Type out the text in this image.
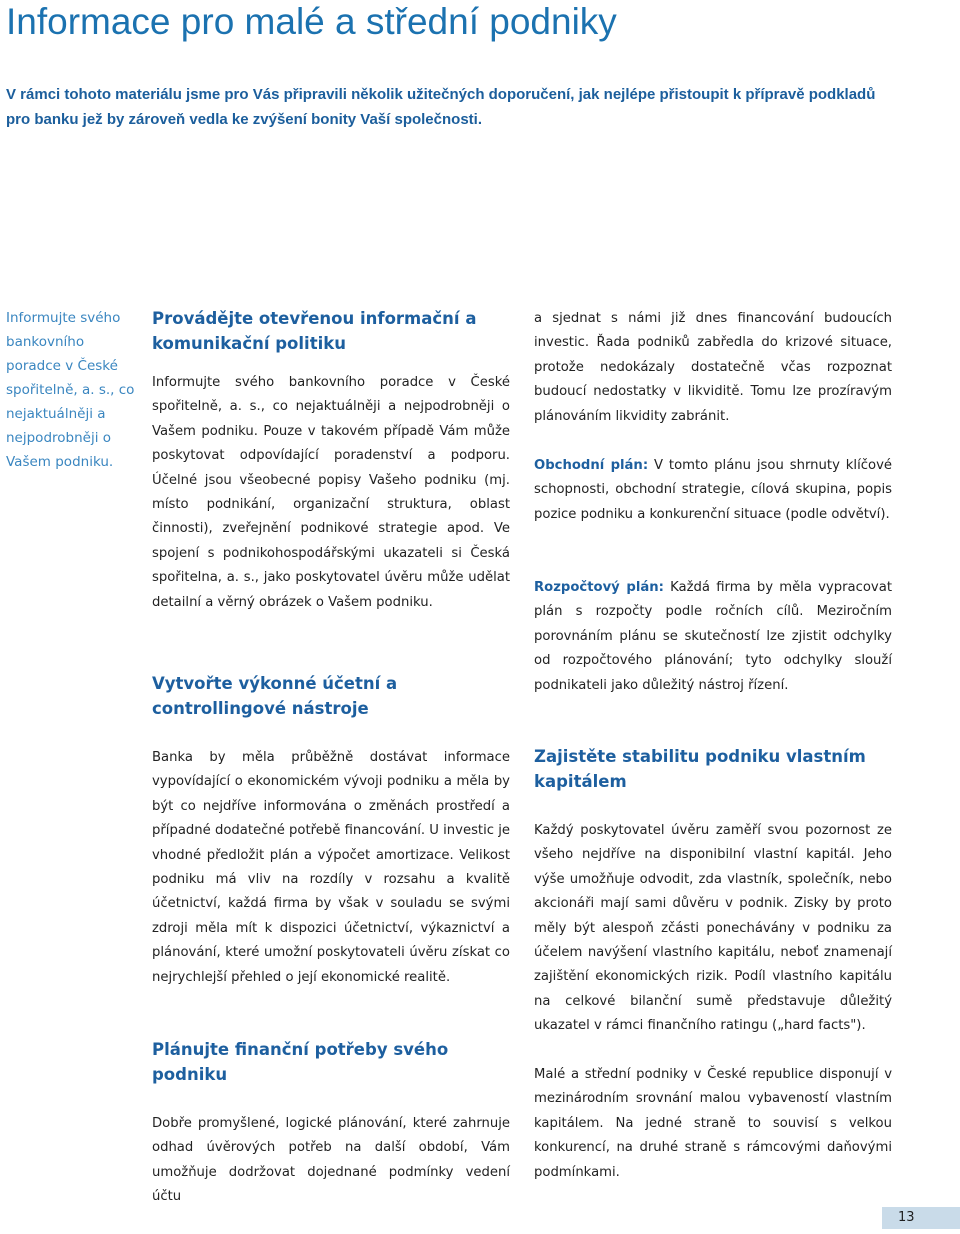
Informace pro malé a střední podniky

V rámci tohoto materiálu jsme pro Vás připravili několik užitečných doporučení, jak nejlépe přistoupit k přípravě podkladů pro banku jež by zároveň vedla ke zvýšení bonity Vaší společnosti.

Informujte svého bankovního poradce v České spořitelně, a. s., co nejaktuálněji a nejpodrobněji o Vašem podniku.

Provádějte otevřenou informační a komunikační politiku

Informujte svého bankovního poradce v České spořitelně, a. s., co nejaktuálněji a nejpodrobněji o Vašem podniku. Pouze v takovém případě Vám může poskytovat odpovídající poradenství a podporu. Účelné jsou všeobecné popisy Vašeho podniku (mj. místo podnikání, organizační struktura, oblast činnosti), zveřejnění podnikové strategie apod. Ve spojení s podnikohospodářskými ukazateli si Česká spořitelna, a. s., jako poskytovatel úvěru může udělat detailní a věrný obrázek o Vašem podniku.

Vytvořte výkonné účetní a controllingové nástroje

Banka by měla průběžně dostávat informace vypovídající o ekonomickém vývoji podniku a měla by být co nejdříve informována o změnách prostředí a případné dodatečné potřebě financování. U investic je vhodné předložit plán a výpočet amortizace. Velikost podniku má vliv na rozdíly v rozsahu a kvalitě účetnictví, každá firma by však v souladu se svými zdroji měla mít k dispozici účetnictví, výkaznictví a plánování, které umožní poskytovateli úvěru získat co nejrychlejší přehled o její ekonomické realitě.

Plánujte finanční potřeby svého podniku

Dobře promyšlené, logické plánování, které zahrnuje odhad úvěrových potřeb na další období, Vám umožňuje dodržovat dojednané podmínky vedení účtu

a sjednat s námi již dnes financování budoucích investic. Řada podniků zabředla do krizové situace, protože nedokázaly dostatečně včas rozpoznat budoucí nedostatky v likviditě. Tomu lze prozíravým plánováním likvidity zabránit.

Obchodní plán: V tomto plánu jsou shrnuty klíčové schopnosti, obchodní strategie, cílová skupina, popis pozice podniku a konkurenční situace (podle odvětví).

Rozpočtový plán: Každá firma by měla vypracovat plán s rozpočty podle ročních cílů. Meziročním porovnáním plánu se skutečností lze zjistit odchylky od rozpočtového plánování; tyto odchylky slouží podnikateli jako důležitý nástroj řízení.

Zajistěte stabilitu podniku vlastním kapitálem

Každý poskytovatel úvěru zaměří svou pozornost ze všeho nejdříve na disponibilní vlastní kapitál. Jeho výše umožňuje odvodit, zda vlastník, společník, nebo akcionáři mají sami důvěru v podnik. Zisky by proto měly být alespoň zčásti ponechávány v podniku za účelem navýšení vlastního kapitálu, neboť znamenají zajištění ekonomických rizik. Podíl vlastního kapitálu na celkové bilanční sumě představuje důležitý ukazatel v rámci finančního ratingu („hard facts").

Malé a střední podniky v České republice disponují v mezinárodním srovnání malou vybaveností vlastním kapitálem. Na jedné straně to souvisí s velkou konkurencí, na druhé straně s rámcovými daňovými podmínkami.

13
